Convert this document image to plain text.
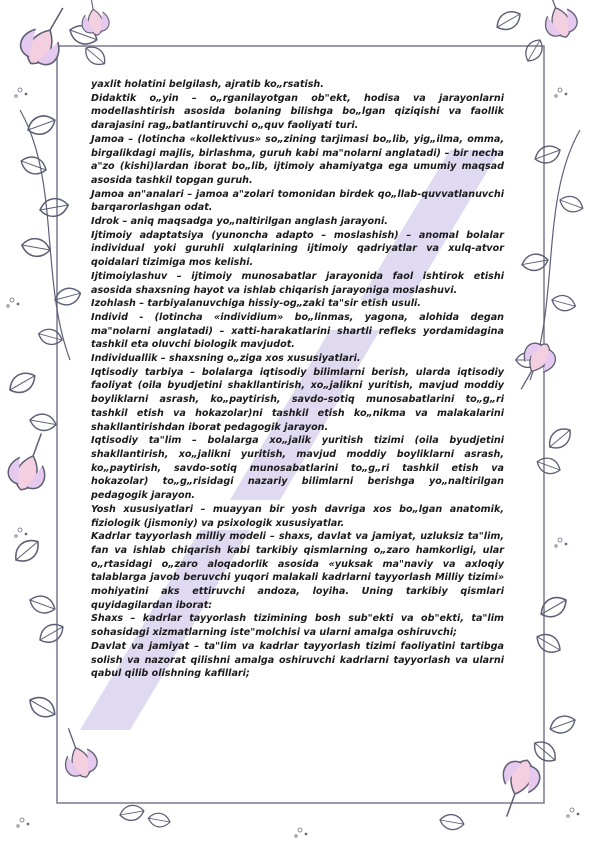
yaxlit holatini belgilash, ajratib ko„rsatish.

Didaktik o„yin – o„rganilayotgan ob"ekt, hodisa va jarayonlarni modellashtirish asosida bolaning bilishga bo„lgan qiziqishi va faollik darajasini rag„batlantiruvchi o„quv faoliyati turi.

Jamoa – (lotincha «kollektivus» so„zining tarjimasi bo„lib, yig„ilma, omma, birgalikdagi majlis, birlashma, guruh kabi ma"nolarni anglatadi) – bir necha a"zo (kishi)lardan iborat bo„lib, ijtimoiy ahamiyatga ega umumiy maqsad asosida tashkil topgan guruh.

Jamoa an"analari – jamoa a"zolari tomonidan birdek qo„llab-quvvatlanuvchi barqarorlashgan odat.

Idrok – aniq maqsadga yo„naltirilgan anglash jarayoni.

Ijtimoiy adaptatsiya (yunoncha adapto – moslashish) – anomal bolalar individual yoki guruhli xulqlarining ijtimoiy qadriyatlar va xulq-atvor qoidalari tizimiga mos kelishi.

Ijtimoiylashuv – ijtimoiy munosabatlar jarayonida faol ishtirok etishi asosida shaxsning hayot va ishlab chiqarish jarayoniga moslashuvi.

Izohlash – tarbiyalanuvchiga hissiy-og„zaki ta"sir etish usuli.

Individ - (lotincha «individium» bo„linmas, yagona, alohida degan ma"nolarni anglatadi) – xatti-harakatlarini shartli refleks yordamidagina tashkil eta oluvchi biologik mavjudot.

Individuallik – shaxsning o„ziga xos xususiyatlari.

Iqtisodiy tarbiya – bolalarga iqtisodiy bilimlarni berish, ularda iqtisodiy faoliyat (oila byudjetini shakllantirish, xo„jalikni yuritish, mavjud moddiy boyliklarni asrash, ko„paytirish, savdo-sotiq munosabatlarini to„g„ri tashkil etish va hokazolar)ni tashkil etish ko„nikma va malakalarini shakllantirishdan iborat pedagogik jarayon.

Iqtisodiy ta"lim – bolalarga xo„jalik yuritish tizimi (oila byudjetini shakllantirish, xo„jalikni yuritish, mavjud moddiy boyliklarni asrash, ko„paytirish, savdo-sotiq munosabatlarini to„g„ri tashkil etish va hokazolar) to„g„risidagi nazariy bilimlarni berishga yo„naltirilgan pedagogik jarayon.

Yosh xususiyatlari – muayyan bir yosh davriga xos bo„lgan anatomik, fiziologik (jismoniy) va psixologik xususiyatlar.

Kadrlar tayyorlash milliy modeli – shaxs, davlat va jamiyat, uzluksiz ta"lim, fan va ishlab chiqarish kabi tarkibiy qismlarning o„zaro hamkorligi, ular o„rtasidagi o„zaro aloqadorlik asosida «yuksak ma"naviy va axloqiy talablarga javob beruvchi yuqori malakali kadrlarni tayyorlash Milliy tizimi» mohiyatini aks ettiruvchi andoza, loyiha. Uning tarkibiy qismlari quyidagilardan iborat:

Shaxs – kadrlar tayyorlash tizimining bosh sub"ekti va ob"ekti, ta"lim sohasidagi xizmatlarning iste"molchisi va ularni amalga oshiruvchi;

Davlat va jamiyat – ta"lim va kadrlar tayyorlash tizimi faoliyatini tartibga solish va nazorat qilishni amalga oshiruvchi kadrlarni tayyorlash va ularni qabul qilib olishning kafillari;
